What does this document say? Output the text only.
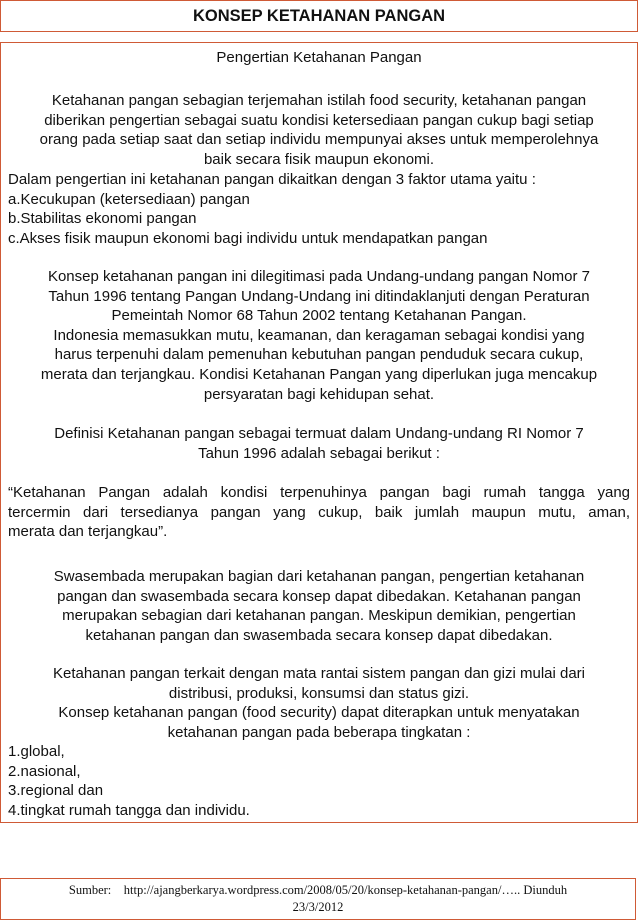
KONSEP KETAHANAN PANGAN
Pengertian Ketahanan Pangan
Ketahanan pangan sebagian terjemahan istilah food security, ketahanan pangan
diberikan pengertian sebagai suatu kondisi ketersediaan pangan cukup bagi setiap
orang pada setiap saat dan setiap individu mempunyai akses untuk memperolehnya
baik secara fisik maupun ekonomi.
Dalam pengertian ini ketahanan pangan dikaitkan dengan 3 faktor utama yaitu :
a.Kecukupan (ketersediaan) pangan
b.Stabilitas ekonomi pangan
c.Akses fisik maupun ekonomi bagi individu untuk mendapatkan pangan
Konsep ketahanan pangan ini dilegitimasi pada Undang-undang pangan Nomor 7
Tahun 1996 tentang Pangan Undang-Undang ini ditindaklanjuti dengan Peraturan
Pemeintah Nomor 68 Tahun 2002 tentang Ketahanan Pangan.
Indonesia memasukkan mutu, keamanan, dan keragaman sebagai kondisi yang
harus terpenuhi dalam pemenuhan kebutuhan pangan penduduk secara cukup,
merata dan terjangkau. Kondisi Ketahanan Pangan yang diperlukan juga mencakup
persyaratan bagi kehidupan sehat.
Definisi Ketahanan pangan sebagai termuat dalam Undang-undang RI Nomor 7
Tahun 1996 adalah sebagai berikut :
“Ketahanan Pangan adalah kondisi terpenuhinya pangan bagi rumah tangga yang
tercermin dari tersedianya pangan yang cukup, baik jumlah maupun mutu, aman,
merata dan terjangkau”.
Swasembada merupakan bagian dari ketahanan pangan, pengertian ketahanan
pangan dan swasembada secara konsep dapat dibedakan. Ketahanan pangan
merupakan sebagian dari ketahanan pangan. Meskipun demikian, pengertian
ketahanan pangan dan swasembada secara konsep dapat dibedakan.
Ketahanan pangan terkait dengan mata rantai sistem pangan dan gizi mulai dari
distribusi, produksi, konsumsi dan status gizi.
Konsep ketahanan pangan (food security) dapat diterapkan untuk menyatakan
ketahanan pangan pada beberapa tingkatan :
1.global,
2.nasional,
3.regional dan
4.tingkat rumah tangga dan individu.
Sumber:    http://ajangberkarya.wordpress.com/2008/05/20/konsep-ketahanan-pangan/….. Diunduh
23/3/2012
